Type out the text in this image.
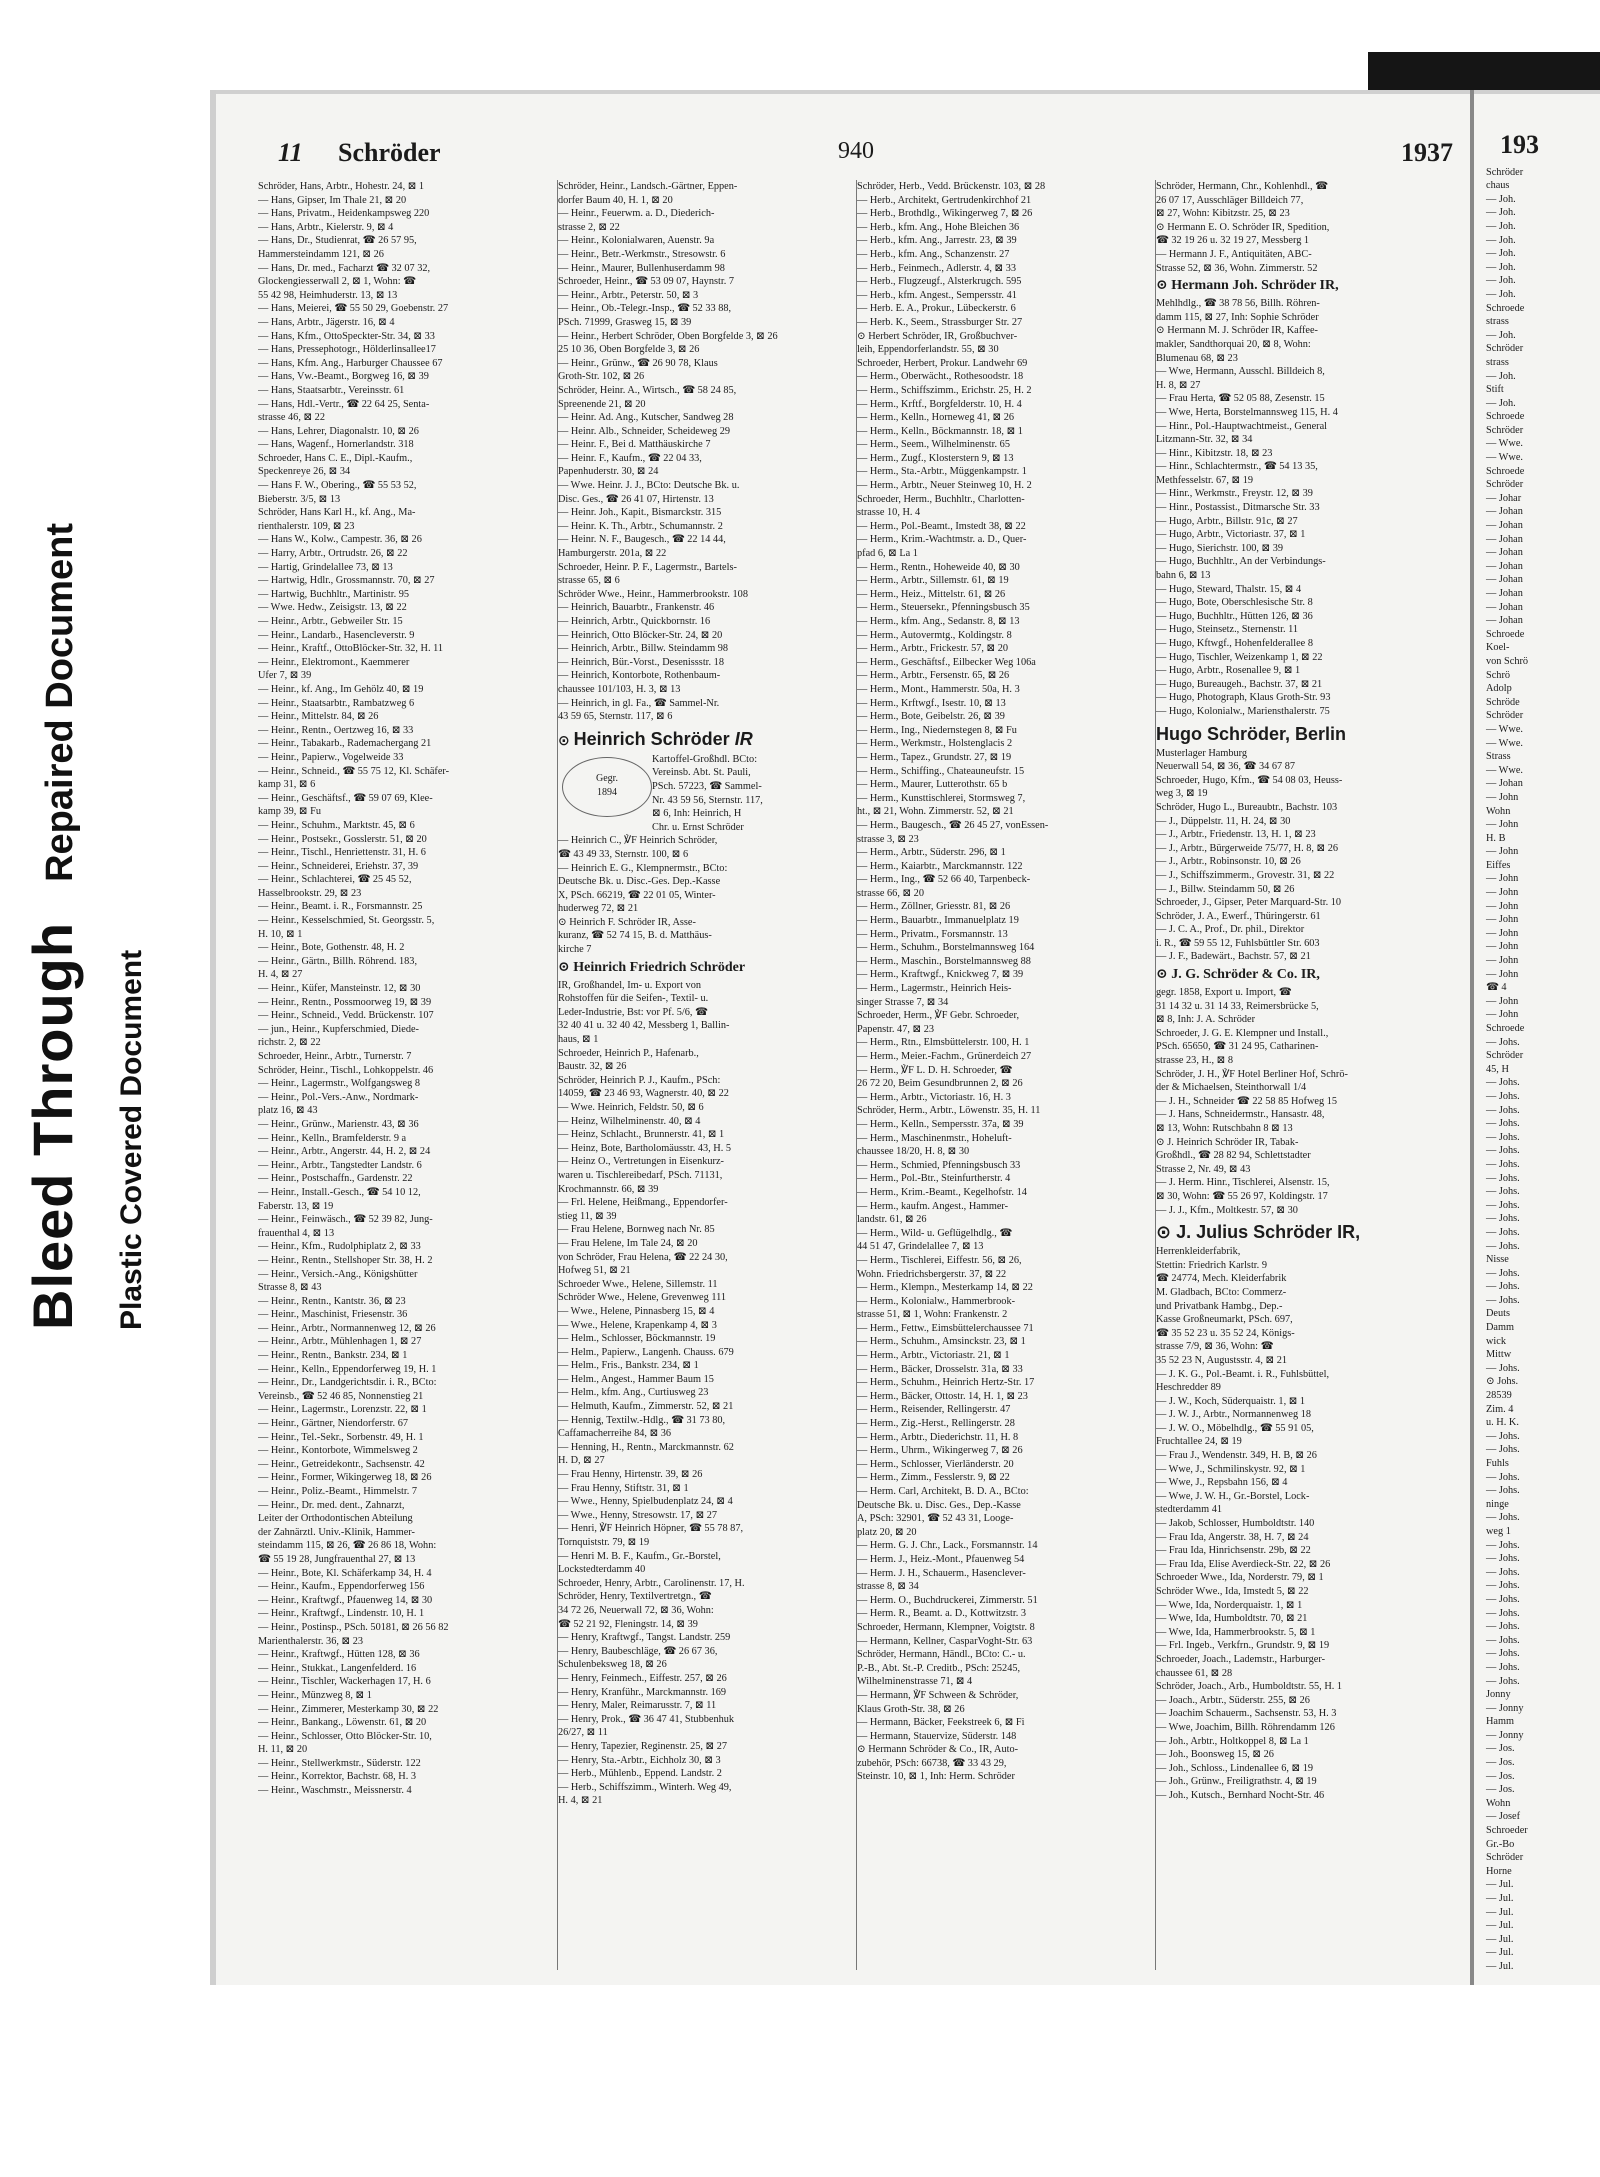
Bleed ThroughRepaired Document
Plastic Covered Document
11 Schröder	940	1937
Schröder, Hans, Arbtr., Hohestr. 24, ⊠ 1
— Hans, Gipser, Im Thale 21, ⊠ 20
— Hans, Privatm., Heidenkampsweg 220
— Hans, Arbtr., Kielerstr. 9, ⊠ 4
— Hans, Dr., Studienrat, ☎ 26 57 95,
Hammersteindamm 121, ⊠ 26
— Hans, Dr. med., Facharzt ☎ 32 07 32,
Glockengiesserwall 2, ⊠ 1, Wohn: ☎
55 42 98, Heimhuderstr. 13, ⊠ 13
— Hans, Meierei, ☎ 55 50 29, Goebenstr. 27
— Hans, Arbtr., Jägerstr. 16, ⊠ 4
— Hans, Kfm., OttoSpeckter-Str. 34, ⊠ 33
— Hans, Pressephotogr., Hölderlinsallee17
— Hans, Kfm. Ang., Harburger Chaussee 67
— Hans, Vw.-Beamt., Borgweg 16, ⊠ 39
— Hans, Staatsarbtr., Vereinsstr. 61
— Hans, Hdl.-Vertr., ☎ 22 64 25, Senta-
strasse 46, ⊠ 22
— Hans, Lehrer, Diagonalstr. 10, ⊠ 26
— Hans, Wagenf., Hornerlandstr. 318
Schroeder, Hans C. E., Dipl.-Kaufm.,
Speckenreye 26, ⊠ 34
— Hans F. W., Obering., ☎ 55 53 52,
Bieberstr. 3/5, ⊠ 13
Schröder, Hans Karl H., kf. Ang., Ma-
rienthalerstr. 109, ⊠ 23
— Hans W., Kolw., Campestr. 36, ⊠ 26
— Harry, Arbtr., Ortrudstr. 26, ⊠ 22
— Hartig, Grindelallee 73, ⊠ 13
— Hartwig, Hdlr., Grossmannstr. 70, ⊠ 27
— Hartwig, Buchhltr., Martinistr. 95
— Wwe. Hedw., Zeisigstr. 13, ⊠ 22
— Heinr., Arbtr., Gebweiler Str. 15
— Heinr., Landarb., Hasencleverstr. 9
— Heinr., Kraftf., OttoBlöcker-Str. 32, H. 11
— Heinr., Elektromont., Kaemmerer
Ufer 7, ⊠ 39
— Heinr., kf. Ang., Im Gehölz 40, ⊠ 19
— Heinr., Staatsarbtr., Rambatzweg 6
— Heinr., Mittelstr. 84, ⊠ 26
— Heinr., Rentn., Oertzweg 16, ⊠ 33
— Heinr., Tabakarb., Rademachergang 21
— Heinr., Papierw., Vogelweide 33
— Heinr., Schneid., ☎ 55 75 12, Kl. Schäfer-
kamp 31, ⊠ 6
— Heinr., Geschäftsf., ☎ 59 07 69, Klee-
kamp 39, ⊠ Fu
— Heinr., Schuhm., Marktstr. 45, ⊠ 6
— Heinr., Postsekr., Gosslerstr. 51, ⊠ 20
— Heinr., Tischl., Henriettenstr. 31, H. 6
— Heinr., Schneiderei, Eriehstr. 37, 39
— Heinr., Schlachterei, ☎ 25 45 52,
Hasselbrookstr. 29, ⊠ 23
— Heinr., Beamt. i. R., Forsmannstr. 25
— Heinr., Kesselschmied, St. Georgsstr. 5,
H. 10, ⊠ 1
— Heinr., Bote, Gothenstr. 48, H. 2
— Heinr., Gärtn., Billh. Röhrend. 183,
H. 4, ⊠ 27
— Heinr., Küfer, Mansteinstr. 12, ⊠ 30
— Heinr., Rentn., Possmoorweg 19, ⊠ 39
— Heinr., Schneid., Vedd. Brückenstr. 107
— jun., Heinr., Kupferschmied, Diede-
richstr. 2, ⊠ 22
Schroeder, Heinr., Arbtr., Turnerstr. 7
Schröder, Heinr., Tischl., Lohkoppelstr. 46
— Heinr., Lagermstr., Wolfgangsweg 8
— Heinr., Pol.-Vers.-Anw., Nordmark-
platz 16, ⊠ 43
— Heinr., Grünw., Marienstr. 43, ⊠ 36
— Heinr., Kelln., Bramfelderstr. 9 a
— Heinr., Arbtr., Angerstr. 44, H. 2, ⊠ 24
— Heinr., Arbtr., Tangstedter Landstr. 6
— Heinr., Postschaffn., Gardenstr. 22
— Heinr., Install.-Gesch., ☎ 54 10 12,
Faberstr. 13, ⊠ 19
— Heinr., Feinwäsch., ☎ 52 39 82, Jung-
frauenthal 4, ⊠ 13
— Heinr., Kfm., Rudolphiplatz 2, ⊠ 33
— Heinr., Rentn., Stellshoper Str. 38, H. 2
— Heinr., Versich.-Ang., Königshütter
Strasse 8, ⊠ 43
— Heinr., Rentn., Kantstr. 36, ⊠ 23
— Heinr., Maschinist, Friesenstr. 36
— Heinr., Arbtr., Normannenweg 12, ⊠ 26
— Heinr., Arbtr., Mühlenhagen 1, ⊠ 27
— Heinr., Rentn., Bankstr. 234, ⊠ 1
— Heinr., Kelln., Eppendorferweg 19, H. 1
— Heinr., Dr., Landgerichtsdir. i. R., BCto:
Vereinsb., ☎ 52 46 85, Nonnenstieg 21
— Heinr., Lagermstr., Lorenzstr. 22, ⊠ 1
— Heinr., Gärtner, Niendorferstr. 67
— Heinr., Tel.-Sekr., Sorbenstr. 49, H. 1
— Heinr., Kontorbote, Wimmelsweg 2
— Heinr., Getreidekontr., Sachsenstr. 42
— Heinr., Former, Wikingerweg 18, ⊠ 26
— Heinr., Poliz.-Beamt., Himmelstr. 7
— Heinr., Dr. med. dent., Zahnarzt,
Leiter der Orthodontischen Abteilung
der Zahnärztl. Univ.-Klinik, Hammer-
steindamm 115, ⊠ 26, ☎ 26 86 18, Wohn:
☎ 55 19 28, Jungfrauenthal 27, ⊠ 13
— Heinr., Bote, Kl. Schäferkamp 34, H. 4
— Heinr., Kaufm., Eppendorferweg 156
— Heinr., Kraftwgf., Pfauenweg 14, ⊠ 30
— Heinr., Kraftwgf., Lindenstr. 10, H. 1
— Heinr., Postinsp., PSch. 50181, ⊠ 26 56 82
Marienthalerstr. 36, ⊠ 23
— Heinr., Kraftwgf., Hütten 128, ⊠ 36
— Heinr., Stukkat., Langenfelderd. 16
— Heinr., Tischler, Wackerhagen 17, H. 6
— Heinr., Münzweg 8, ⊠ 1
— Heinr., Zimmerer, Mesterkamp 30, ⊠ 22
— Heinr., Bankang., Löwenstr. 61, ⊠ 20
— Heinr., Schlosser, Otto Blöcker-Str. 10,
H. 11, ⊠ 20
— Heinr., Stellwerkmstr., Süderstr. 122
— Heinr., Korrektor, Bachstr. 68, H. 3
— Heinr., Waschmstr., Meissnerstr. 4
Schröder, Heinr., Landsch.-Gärtner, Eppen-
dorfer Baum 40, H. 1, ⊠ 20
— Heinr., Feuerwm. a. D., Diederich-
strasse 2, ⊠ 22
— Heinr., Kolonialwaren, Auenstr. 9a
— Heinr., Betr.-Werkmstr., Stresowstr. 6
— Heinr., Maurer, Bullenhuserdamm 98
Schroeder, Heinr., ☎ 53 09 07, Haynstr. 7
— Heinr., Arbtr., Peterstr. 50, ⊠ 3
— Heinr., Ob.-Telegr.-Insp., ☎ 52 33 88,
PSch. 71999, Grasweg 15, ⊠ 39
— Heinr., Herbert Schröder, Oben Borgfelde 3, ⊠ 26
25 10 36, Oben Borgfelde 3, ⊠ 26
— Heinr., Grünw., ☎ 26 90 78, Klaus
Groth-Str. 102, ⊠ 26
Schröder, Heinr. A., Wirtsch., ☎ 58 24 85,
Spreenende 21, ⊠ 20
— Heinr. Ad. Ang., Kutscher, Sandweg 28
— Heinr. Alb., Schneider, Scheideweg 29
— Heinr. F., Bei d. Matthäuskirche 7
— Heinr. F., Kaufm., ☎ 22 04 33,
Papenhuderstr. 30, ⊠ 24
— Wwe. Heinr. J. J., BCto: Deutsche Bk. u.
Disc. Ges., ☎ 26 41 07, Hirtenstr. 13
— Heinr. Joh., Kapit., Bismarckstr. 315
— Heinr. K. Th., Arbtr., Schumannstr. 2
— Heinr. N. F., Baugesch., ☎ 22 14 44,
Hamburgerstr. 201a, ⊠ 22
Schroeder, Heinr. P. F., Lagermstr., Bartels-
strasse 65, ⊠ 6
Schröder Wwe., Heinr., Hammerbrookstr. 108
— Heinrich, Bauarbtr., Frankenstr. 46
— Heinrich, Arbtr., Quickbornstr. 16
— Heinrich, Otto Blöcker-Str. 24, ⊠ 20
— Heinrich, Arbtr., Billw. Steindamm 98
— Heinrich, Bür.-Vorst., Desenissstr. 18
— Heinrich, Kontorbote, Rothenbaum-
chaussee 101/103, H. 3, ⊠ 13
— Heinrich, in gl. Fa., ☎ Sammel-Nr.
43 59 65, Sternstr. 117, ⊠ 6
⊙ Heinrich Schröder IR
Gegr.
1894
Kartoffel-Großhdl. BCto:
Vereinsb. Abt. St. Pauli,
PSch. 57223, ☎ Sammel-
Nr. 43 59 56, Sternstr. 117,
⊠ 6, Inh: Heinrich, H
Chr. u. Ernst Schröder
— Heinrich C., ℣F Heinrich Schröder,
☎ 43 49 33, Sternstr. 100, ⊠ 6
— Heinrich E. G., Klempnermstr., BCto:
Deutsche Bk. u. Disc.-Ges. Dep.-Kasse
X, PSch. 66219, ☎ 22 01 05, Winter-
huderweg 72, ⊠ 21
⊙ Heinrich F. Schröder IR, Asse-
kuranz, ☎ 52 74 15, B. d. Matthäus-
kirche 7
⊙ Heinrich Friedrich Schröder
IR, Großhandel, Im- u. Export von
Rohstoffen für die Seifen-, Textil- u.
Leder-Industrie, Bst: vor Pf. 5/6, ☎
32 40 41 u. 32 40 42, Messberg 1, Ballin-
haus, ⊠ 1
Schroeder, Heinrich P., Hafenarb.,
Baustr. 32, ⊠ 26
Schröder, Heinrich P. J., Kaufm., PSch:
14059, ☎ 23 46 93, Wagnerstr. 40, ⊠ 22
— Wwe. Heinrich, Feldstr. 50, ⊠ 6
— Heinz, Wilhelminenstr. 40, ⊠ 4
— Heinz, Schlacht., Brunnerstr. 41, ⊠ 1
— Heinz, Bote, Bartholomäusstr. 43, H. 5
— Heinz O., Vertretungen in Eisenkurz-
waren u. Tischlereibedarf, PSch. 71131,
Krochmannstr. 66, ⊠ 39
— Frl. Helene, Heißmang., Eppendorfer-
stieg 11, ⊠ 39
— Frau Helene, Bornweg nach Nr. 85
— Frau Helene, Im Tale 24, ⊠ 20
von Schröder, Frau Helena, ☎ 22 24 30,
Hofweg 51, ⊠ 21
Schroeder Wwe., Helene, Sillemstr. 11
Schröder Wwe., Helene, Grevenweg 111
— Wwe., Helene, Pinnasberg 15, ⊠ 4
— Wwe., Helene, Krapenkamp 4, ⊠ 3
— Helm., Schlosser, Böckmannstr. 19
— Helm., Papierw., Langenh. Chauss. 679
— Helm., Fris., Bankstr. 234, ⊠ 1
— Helm., Angest., Hammer Baum 15
— Helm., kfm. Ang., Curtiusweg 23
— Helmuth, Kaufm., Zimmerstr. 52, ⊠ 21
— Hennig, Textilw.-Hdlg., ☎ 31 73 80,
Caffamacherreihe 84, ⊠ 36
— Henning, H., Rentn., Marckmannstr. 62
H. D, ⊠ 27
— Frau Henny, Hirtenstr. 39, ⊠ 26
— Frau Henny, Stiftstr. 31, ⊠ 1
— Wwe., Henny, Spielbudenplatz 24, ⊠ 4
— Wwe., Henny, Stresowstr. 17, ⊠ 27
— Henri, ℣F Heinrich Höpner, ☎ 55 78 87,
Tornquiststr. 79, ⊠ 19
— Henri M. B. F., Kaufm., Gr.-Borstel,
Lockstedterdamm 40
Schroeder, Henry, Arbtr., Carolinenstr. 17, H.
Schröder, Henry, Textilvertretgn., ☎
34 72 26, Neuerwall 72, ⊠ 36, Wohn:
☎ 52 21 92, Fleningstr. 14, ⊠ 39
— Henry, Kraftwgf., Tangst. Landstr. 259
— Henry, Baubeschläge, ☎ 26 67 36,
Schulenbeksweg 18, ⊠ 26
— Henry, Feinmech., Eiffestr. 257, ⊠ 26
— Henry, Kranführ., Marckmannstr. 169
— Henry, Maler, Reimarusstr. 7, ⊠ 11
— Henry, Prok., ☎ 36 47 41, Stubbenhuk
26/27, ⊠ 11
— Henry, Tapezier, Reginenstr. 25, ⊠ 27
— Henry, Sta.-Arbtr., Eichholz 30, ⊠ 3
— Herb., Mühlenb., Eppend. Landstr. 2
— Herb., Schiffszimm., Winterh. Weg 49,
H. 4, ⊠ 21
Schröder, Herb., Vedd. Brückenstr. 103, ⊠ 28
— Herb., Architekt, Gertrudenkirchhof 21
— Herb., Brothdlg., Wikingerweg 7, ⊠ 26
— Herb., kfm. Ang., Hohe Bleichen 36
— Herb., kfm. Ang., Jarrestr. 23, ⊠ 39
— Herb., kfm. Ang., Schanzenstr. 27
— Herb., Feinmech., Adlerstr. 4, ⊠ 33
— Herb., Flugzeugf., Alsterkrugch. 595
— Herb., kfm. Angest., Sempersstr. 41
— Herb. E. A., Prokur., Lübeckerstr. 6
— Herb. K., Seem., Strassburger Str. 27
⊙ Herbert Schröder, IR, Großbuchver-
leih, Eppendorferlandstr. 55, ⊠ 30
Schroeder, Herbert, Prokur. Landwehr 69
— Herm., Oberwächt., Rothesoodstr. 18
— Herm., Schiffszimm., Erichstr. 25, H. 2
— Herm., Krftf., Borgfelderstr. 10, H. 4
— Herm., Kelln., Horneweg 41, ⊠ 26
— Herm., Kelln., Böckmannstr. 18, ⊠ 1
— Herm., Seem., Wilhelminenstr. 65
— Herm., Zugf., Klosterstern 9, ⊠ 13
— Herm., Sta.-Arbtr., Müggenkampstr. 1
— Herm., Arbtr., Neuer Steinweg 10, H. 2
Schroeder, Herm., Buchhltr., Charlotten-
strasse 10, H. 4
— Herm., Pol.-Beamt., Imstedt 38, ⊠ 22
— Herm., Krim.-Wachtmstr. a. D., Quer-
pfad 6, ⊠ La 1
— Herm., Rentn., Hoheweide 40, ⊠ 30
— Herm., Arbtr., Sillemstr. 61, ⊠ 19
— Herm., Heiz., Mittelstr. 61, ⊠ 26
— Herm., Steuersekr., Pfenningsbusch 35
— Herm., kfm. Ang., Sedanstr. 8, ⊠ 13
— Herm., Autovermtg., Koldingstr. 8
— Herm., Arbtr., Frickestr. 57, ⊠ 20
— Herm., Geschäftsf., Eilbecker Weg 106a
— Herm., Arbtr., Fersenstr. 65, ⊠ 26
— Herm., Mont., Hammerstr. 50a, H. 3
— Herm., Krftwgf., Isestr. 10, ⊠ 13
— Herm., Bote, Geibelstr. 26, ⊠ 39
— Herm., Ing., Niedernstegen 8, ⊠ Fu
— Herm., Werkmstr., Holstenglacis 2
— Herm., Tapez., Grundstr. 27, ⊠ 19
— Herm., Schiffing., Chateauneufstr. 15
— Herm., Maurer, Lutterothstr. 65 b
— Herm., Kunsttischlerei, Stormsweg 7,
ht., ⊠ 21, Wohn. Zimmerstr. 52, ⊠ 21
— Herm., Baugesch., ☎ 26 45 27, vonEssen-
strasse 3, ⊠ 23
— Herm., Arbtr., Süderstr. 296, ⊠ 1
— Herm., Kaiarbtr., Marckmannstr. 122
— Herm., Ing., ☎ 52 66 40, Tarpenbeck-
strasse 66, ⊠ 20
— Herm., Zöllner, Griesstr. 81, ⊠ 26
— Herm., Bauarbtr., Immanuelplatz 19
— Herm., Privatm., Forsmannstr. 13
— Herm., Schuhm., Borstelmannsweg 164
— Herm., Maschin., Borstelmannsweg 88
— Herm., Kraftwgf., Knickweg 7, ⊠ 39
— Herm., Lagermstr., Heinrich Heis-
singer Strasse 7, ⊠ 34
Schroeder, Herm., ℣F Gebr. Schroeder,
Papenstr. 47, ⊠ 23
— Herm., Rtn., Elmsbüttelerstr. 100, H. 1
— Herm., Meier.-Fachm., Grünerdeich 27
— Herm., ℣F L. D. H. Schroeder, ☎
26 72 20, Beim Gesundbrunnen 2, ⊠ 26
— Herm., Arbtr., Victoriastr. 16, H. 3
Schröder, Herm., Arbtr., Löwenstr. 35, H. 11
— Herm., Kelln., Sempersstr. 37a, ⊠ 39
— Herm., Maschinenmstr., Hoheluft-
chaussee 18/20, H. 8, ⊠ 30
— Herm., Schmied, Pfenningsbusch 33
— Herm., Pol.-Btr., Steinfurtherstr. 4
— Herm., Krim.-Beamt., Kegelhofstr. 14
— Herm., kaufm. Angest., Hammer-
landstr. 61, ⊠ 26
— Herm., Wild- u. Geflügelhdlg., ☎
44 51 47, Grindelallee 7, ⊠ 13
— Herm., Tischlerei, Eiffestr. 56, ⊠ 26,
Wohn. Friedrichsbergerstr. 37, ⊠ 22
— Herm., Klempn., Mesterkamp 14, ⊠ 22
— Herm., Kolonialw., Hammerbrook-
strasse 51, ⊠ 1, Wohn: Frankenstr. 2
— Herm., Fettw., Eimsbüttelerchaussee 71
— Herm., Schuhm., Amsinckstr. 23, ⊠ 1
— Herm., Arbtr., Victoriastr. 21, ⊠ 1
— Herm., Bäcker, Drosselstr. 31a, ⊠ 33
— Herm., Schuhm., Heinrich Hertz-Str. 17
— Herm., Bäcker, Ottostr. 14, H. 1, ⊠ 23
— Herm., Reisender, Rellingerstr. 47
— Herm., Zig.-Herst., Rellingerstr. 28
— Herm., Arbtr., Diederichstr. 11, H. 8
— Herm., Uhrm., Wikingerweg 7, ⊠ 26
— Herm., Schlosser, Vierländerstr. 20
— Herm., Zimm., Fesslerstr. 9, ⊠ 22
— Herm. Carl, Architekt, B. D. A., BCto:
Deutsche Bk. u. Disc. Ges., Dep.-Kasse
A, PSch: 32901, ☎ 52 43 31, Looge-
platz 20, ⊠ 20
— Herm. G. J. Chr., Lack., Forsmannstr. 14
— Herm. J., Heiz.-Mont., Pfauenweg 54
— Herm. J. H., Schauerm., Hasenclever-
strasse 8, ⊠ 34
— Herm. O., Buchdruckerei, Zimmerstr. 51
— Herm. R., Beamt. a. D., Kottwitzstr. 3
Schroeder, Hermann, Klempner, Voigtstr. 8
— Hermann, Kellner, CasparVoght-Str. 63
Schröder, Hermann, Händl., BCto: C.- u.
P.-B., Abt. St.-P. Creditb., PSch: 25245,
Wilhelminenstrasse 71, ⊠ 4
— Hermann, ℣F Schween & Schröder,
Klaus Groth-Str. 38, ⊠ 26
— Hermann, Bäcker, Feekstreek 6, ⊠ Fi
— Hermann, Stauervize, Süderstr. 148
⊙ Hermann Schröder & Co., IR, Auto-
zubehör, PSch: 66738, ☎ 33 43 29,
Steinstr. 10, ⊠ 1, Inh: Herm. Schröder
Schröder, Hermann, Chr., Kohlenhdl., ☎
26 07 17, Ausschläger Billdeich 77,
⊠ 27, Wohn: Kibitzstr. 25, ⊠ 23
⊙ Hermann E. O. Schröder IR, Spedition,
☎ 32 19 26 u. 32 19 27, Messberg 1
— Hermann J. F., Antiquitäten, ABC-
Strasse 52, ⊠ 36, Wohn. Zimmerstr. 52
⊙ Hermann Joh. Schröder IR,
Mehlhdlg., ☎ 38 78 56, Billh. Röhren-
damm 115, ⊠ 27, Inh: Sophie Schröder
⊙ Hermann M. J. Schröder IR, Kaffee-
makler, Sandthorquai 20, ⊠ 8, Wohn:
Blumenau 68, ⊠ 23
— Wwe, Hermann, Ausschl. Billdeich 8,
H. 8, ⊠ 27
— Frau Herta, ☎ 52 05 88, Zesenstr. 15
— Wwe, Herta, Borstelmannsweg 115, H. 4
— Hinr., Pol.-Hauptwachtmeist., General
Litzmann-Str. 32, ⊠ 34
— Hinr., Kibitzstr. 18, ⊠ 23
— Hinr., Schlachtermstr., ☎ 54 13 35,
Methfesselstr. 67, ⊠ 19
— Hinr., Werkmstr., Freystr. 12, ⊠ 39
— Hinr., Postassist., Ditmarsche Str. 33
— Hugo, Arbtr., Billstr. 91c, ⊠ 27
— Hugo, Arbtr., Victoriastr. 37, ⊠ 1
— Hugo, Sierichstr. 100, ⊠ 39
— Hugo, Buchhltr., An der Verbindungs-
bahn 6, ⊠ 13
— Hugo, Steward, Thalstr. 15, ⊠ 4
— Hugo, Bote, Oberschlesische Str. 8
— Hugo, Buchhltr., Hütten 126, ⊠ 36
— Hugo, Steinsetz., Sternenstr. 11
— Hugo, Kftwgf., Hohenfelderallee 8
— Hugo, Tischler, Weizenkamp 1, ⊠ 22
— Hugo, Arbtr., Rosenallee 9, ⊠ 1
— Hugo, Bureaugeh., Bachstr. 37, ⊠ 21
— Hugo, Photograph, Klaus Groth-Str. 93
— Hugo, Kolonialw., Mariensthalerstr. 75
Hugo Schröder, Berlin
Musterlager Hamburg
Neuerwall 54, ⊠ 36, ☎ 34 67 87
Schroeder, Hugo, Kfm., ☎ 54 08 03, Heuss-
weg 3, ⊠ 19
Schröder, Hugo L., Bureaubtr., Bachstr. 103
— J., Düppelstr. 11, H. 24, ⊠ 30
— J., Arbtr., Friedenstr. 13, H. 1, ⊠ 23
— J., Arbtr., Bürgerweide 75/77, H. 8, ⊠ 26
— J., Arbtr., Robinsonstr. 10, ⊠ 26
— J., Schiffszimmerm., Grovestr. 31, ⊠ 22
— J., Billw. Steindamm 50, ⊠ 26
Schroeder, J., Gipser, Peter Marquard-Str. 10
Schröder, J. A., Ewerf., Thüringerstr. 61
— J. C. A., Prof., Dr. phil., Direktor
i. R., ☎ 59 55 12, Fuhlsbüttler Str. 603
— J. F., Badewärt., Bachstr. 57, ⊠ 21
⊙ J. G. Schröder & Co. IR,
gegr. 1858, Export u. Import, ☎
31 14 32 u. 31 14 33, Reimersbrücke 5,
⊠ 8, Inh: J. A. Schröder
Schroeder, J. G. E. Klempner und Install.,
PSch. 65650, ☎ 31 24 95, Catharinen-
strasse 23, H., ⊠ 8
Schröder, J. H., ℣F Hotel Berliner Hof, Schrö-
der & Michaelsen, Steinthorwall 1/4
— J. H., Schneider ☎ 22 58 85 Hofweg 15
— J. Hans, Schneidermstr., Hansastr. 48,
⊠ 13, Wohn: Rutschbahn 8 ⊠ 13
⊙ J. Heinrich Schröder IR, Tabak-
Großhdl., ☎ 28 82 94, Schlettstadter
Strasse 2, Nr. 49, ⊠ 43
— J. Herm. Hinr., Tischlerei, Alsenstr. 15,
⊠ 30, Wohn: ☎ 55 26 97, Koldingstr. 17
— J. J., Kfm., Moltkestr. 57, ⊠ 30
⊙ J. Julius Schröder IR,
Herrenkleiderfabrik,
Stettin: Friedrich Karlstr. 9
☎ 24774, Mech. Kleiderfabrik
M. Gladbach, BCto: Commerz-
und Privatbank Hambg., Dep.-
Kasse Großneumarkt, PSch. 697,
☎ 35 52 23 u. 35 52 24, Königs-
strasse 7/9, ⊠ 36, Wohn: ☎
35 52 23 N, Augustsstr. 4, ⊠ 21
— J. K. G., Pol.-Beamt. i. R., Fuhlsbüttel,
Heschredder 89
— J. W., Koch, Süderquaistr. 1, ⊠ 1
— J. W. J., Arbtr., Normannenweg 18
— J. W. O., Möbelhdlg., ☎ 55 91 05,
Fruchtallee 24, ⊠ 19
— Frau J., Wendenstr. 349, H. B, ⊠ 26
— Wwe, J., Schmilinskystr. 92, ⊠ 1
— Wwe, J., Repsbahn 156, ⊠ 4
— Wwe, J. W. H., Gr.-Borstel, Lock-
stedterdamm 41
— Jakob, Schlosser, Humboldtstr. 140
— Frau Ida, Angerstr. 38, H. 7, ⊠ 24
— Frau Ida, Hinrichsenstr. 29b, ⊠ 22
— Frau Ida, Elise Averdieck-Str. 22, ⊠ 26
Schroeder Wwe., Ida, Norderstr. 79, ⊠ 1
Schröder Wwe., Ida, Imstedt 5, ⊠ 22
— Wwe, Ida, Norderquaistr. 1, ⊠ 1
— Wwe, Ida, Humboldtstr. 70, ⊠ 21
— Wwe, Ida, Hammerbrookstr. 5, ⊠ 1
— Frl. Ingeb., Verkfrn., Grundstr. 9, ⊠ 19
Schroeder, Joach., Lademstr., Harburger-
chaussee 61, ⊠ 28
Schröder, Joach., Arb., Humboldtstr. 55, H. 1
— Joach., Arbtr., Süderstr. 255, ⊠ 26
— Joachim Schauerm., Sachsenstr. 53, H. 3
— Wwe, Joachim, Billh. Röhrendamm 126
— Joh., Arbtr., Holtkoppel 8, ⊠ La 1
— Joh., Boonsweg 15, ⊠ 26
— Joh., Schloss., Lindenallee 6, ⊠ 19
— Joh., Grünw., Freiligrathstr. 4, ⊠ 19
— Joh., Kutsch., Bernhard Nocht-Str. 46
193
Schröder
chaus
— Joh.
— Joh.
— Joh.
— Joh.
— Joh.
— Joh.
— Joh.
— Joh.
Schroede
strass
— Joh.
Schröder
strass
— Joh.
Stift
— Joh.
Schroede
Schröder
— Wwe.
— Wwe.
Schroede
Schröder
— Johar
— Johan
— Johan
— Johan
— Johan
— Johan
— Johan
— Johan
— Johan
— Johan
Schroede
Koel-
von Schrö
Schrö
Adolp
Schröde
Schröder
— Wwe.
— Wwe.
Strass
— Wwe.
— Johan
— John
Wohn
— John
H. B
— John
Eiffes
— John
— John
— John
— John
— John
— John
— John
— John
☎ 4
— John
— John
Schroede
— Johs.
Schröder
45, H
— Johs.
— Johs.
— Johs.
— Johs.
— Johs.
— Johs.
— Johs.
— Johs.
— Johs.
— Johs.
— Johs.
— Johs.
— Johs.
Nisse
— Johs.
— Johs.
— Johs.
Deuts
Damm
wick
Mittw
— Johs.
⊙ Johs.
28539
Zim. 4
u. H. K.
— Johs.
— Johs.
Fuhls
— Johs.
— Johs.
ninge
— Johs.
weg 1
— Johs.
— Johs.
— Johs.
— Johs.
— Johs.
— Johs.
— Johs.
— Johs.
— Johs.
— Johs.
— Johs.
Jonny
— Jonny
Hamm
— Jonny
— Jos.
— Jos.
— Jos.
— Jos.
Wohn
— Josef
Schroeder
Gr.-Bo
Schröder
Horne
— Jul.
— Jul.
— Jul.
— Jul.
— Jul.
— Jul.
— Jul.
